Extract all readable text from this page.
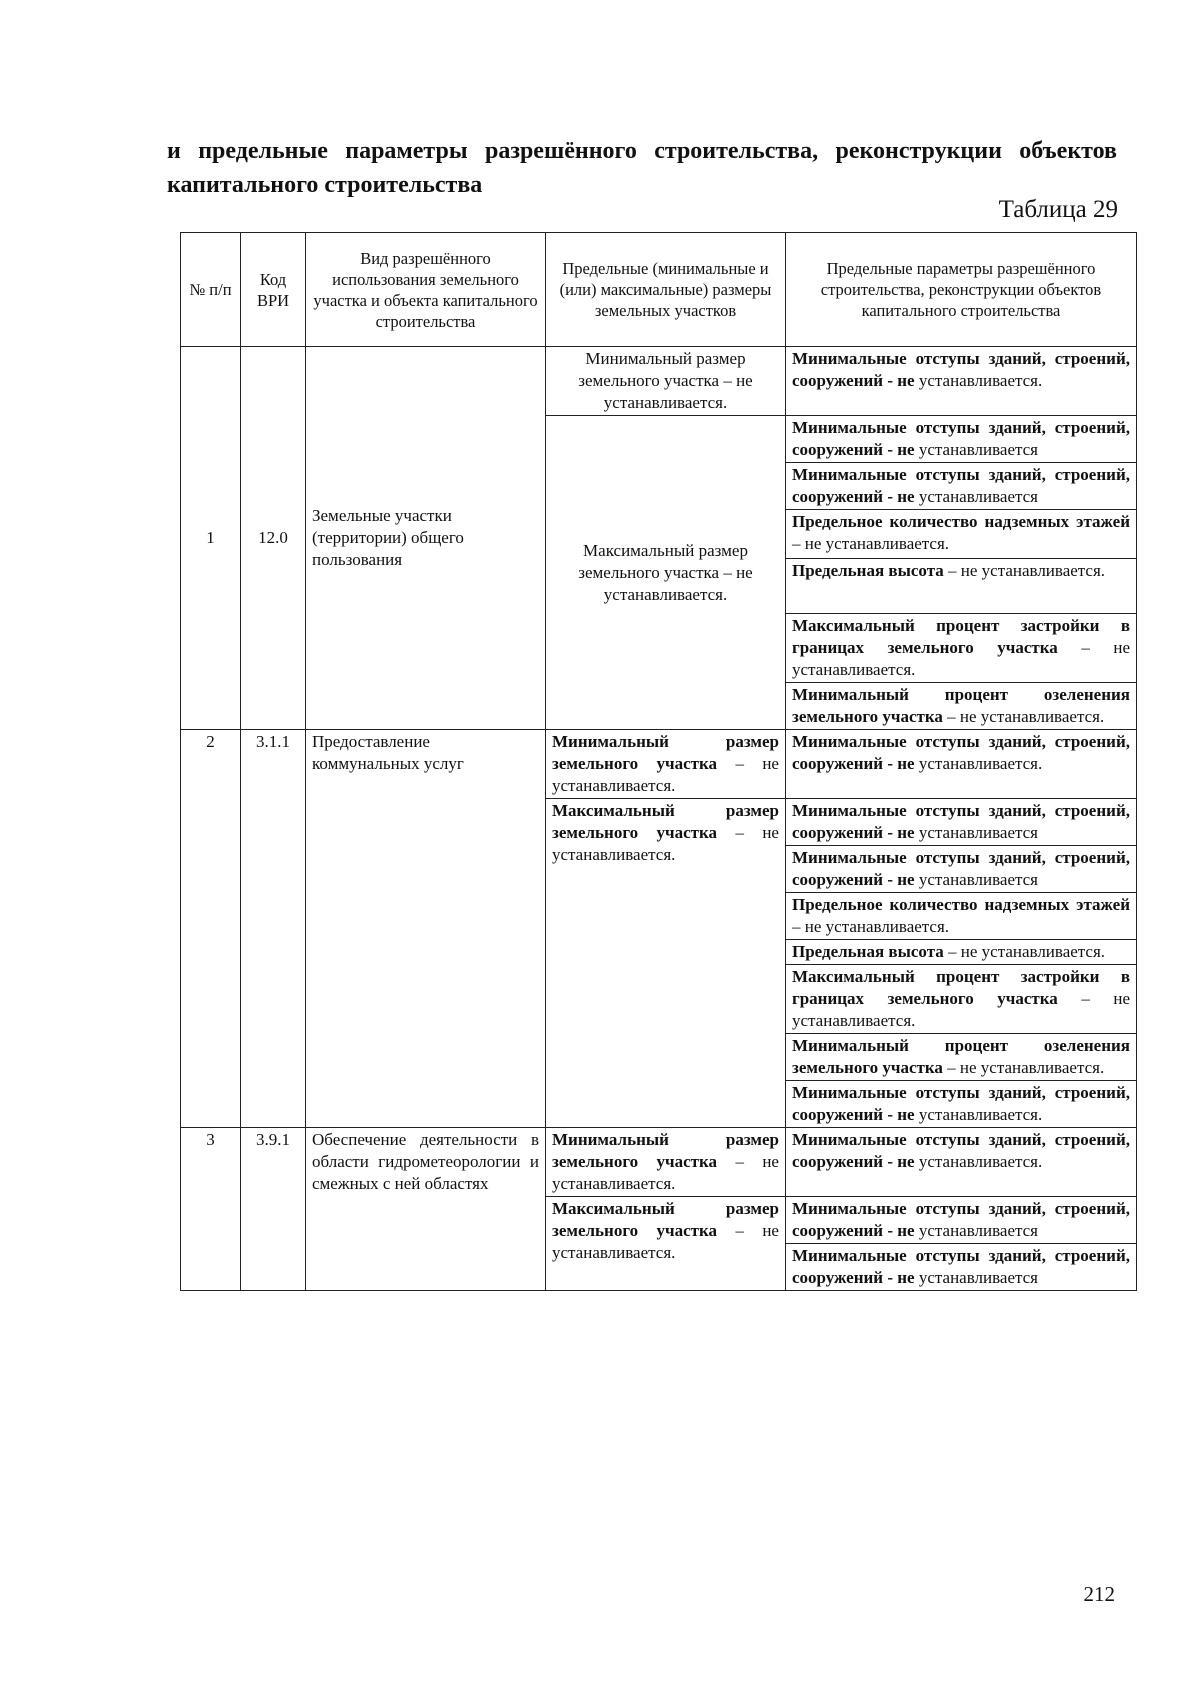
и предельные параметры разрешённого строительства, реконструкции объектов капитального строительства
Таблица 29
№ п/п	Код ВРИ	Вид разрешённого использования земельного участка и объекта капитального строительства	Предельные (минимальные и (или) максимальные) размеры земельных участков	Предельные параметры разрешённого строительства, реконструкции объектов капитального строительства
1	12.0	Земельные участки (территории) общего пользования	Минимальный размер земельного участка – не устанавливается.	Минимальные отступы зданий, строений, сооружений - не устанавливается.
			Максимальный размер земельного участка – не устанавливается.	Минимальные отступы зданий, строений, сооружений - не устанавливается
				Минимальные отступы зданий, строений, сооружений - не устанавливается
				Предельное количество надземных этажей – не устанавливается.
				Предельная высота – не устанавливается.
				Максимальный процент застройки в границах земельного участка – не устанавливается.
				Минимальный процент озеленения земельного участка – не устанавливается.
2	3.1.1	Предоставление коммунальных услуг	Минимальный размер земельного участка – не устанавливается.	Минимальные отступы зданий, строений, сооружений - не устанавливается.
			Максимальный размер земельного участка – не устанавливается.	Минимальные отступы зданий, строений, сооружений - не устанавливается
				Минимальные отступы зданий, строений, сооружений - не устанавливается
				Предельное количество надземных этажей – не устанавливается.
				Предельная высота – не устанавливается.
				Максимальный процент застройки в границах земельного участка – не устанавливается.
				Минимальный процент озеленения земельного участка – не устанавливается.
				Минимальные отступы зданий, строений, сооружений - не устанавливается.
3	3.9.1	Обеспечение деятельности в области гидрометеорологии и смежных с ней областях	Минимальный размер земельного участка – не устанавливается.	Минимальные отступы зданий, строений, сооружений - не устанавливается.
			Максимальный размер земельного участка – не устанавливается.	Минимальные отступы зданий, строений, сооружений - не устанавливается
				Минимальные отступы зданий, строений, сооружений - не устанавливается
212
